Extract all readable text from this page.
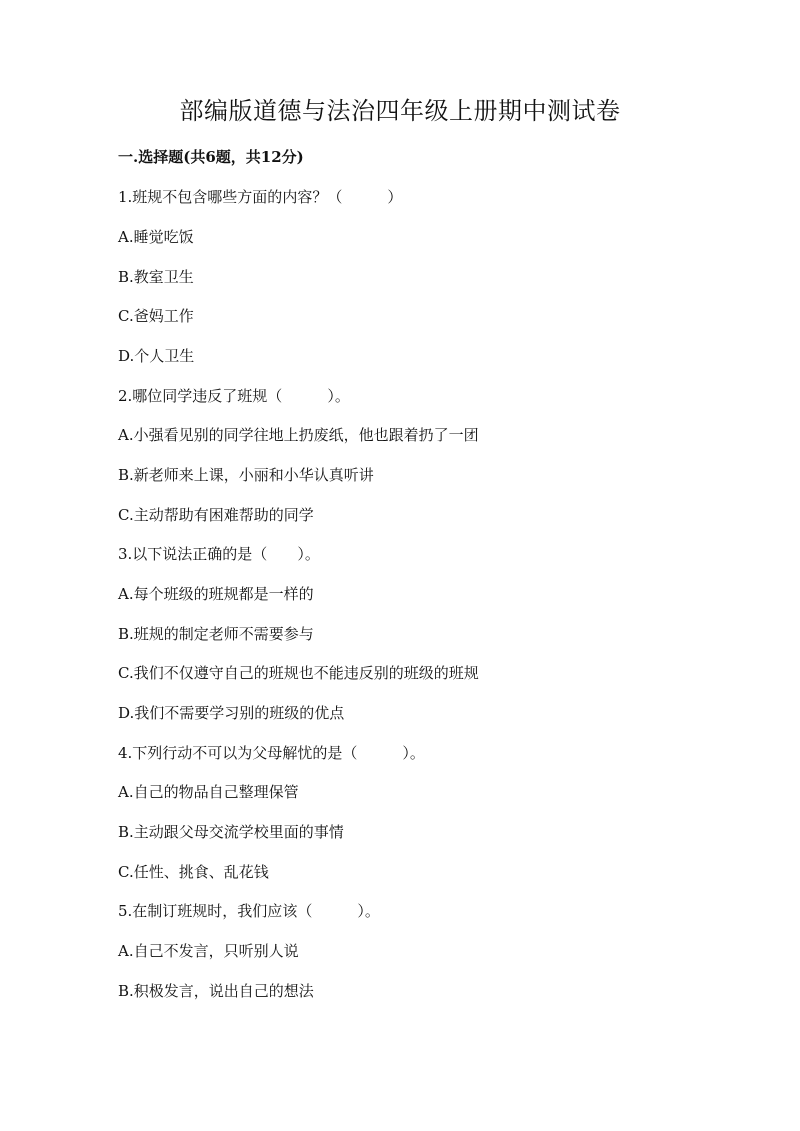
部编版道德与法治四年级上册期中测试卷
一.选择题(共6题，共12分)
1.班规不包含哪些方面的内容？（　　　）
A.睡觉吃饭
B.教室卫生
C.爸妈工作
D.个人卫生
2.哪位同学违反了班规（　　　）。
A.小强看见别的同学往地上扔废纸，他也跟着扔了一团
B.新老师来上课，小丽和小华认真听讲
C.主动帮助有困难帮助的同学
3.以下说法正确的是（　　）。
A.每个班级的班规都是一样的
B.班规的制定老师不需要参与
C.我们不仅遵守自己的班规也不能违反别的班级的班规
D.我们不需要学习别的班级的优点
4.下列行动不可以为父母解忧的是（　　　）。
A.自己的物品自己整理保管
B.主动跟父母交流学校里面的事情
C.任性、挑食、乱花钱
5.在制订班规时，我们应该（　　　）。
A.自己不发言，只听别人说
B.积极发言，说出自己的想法
